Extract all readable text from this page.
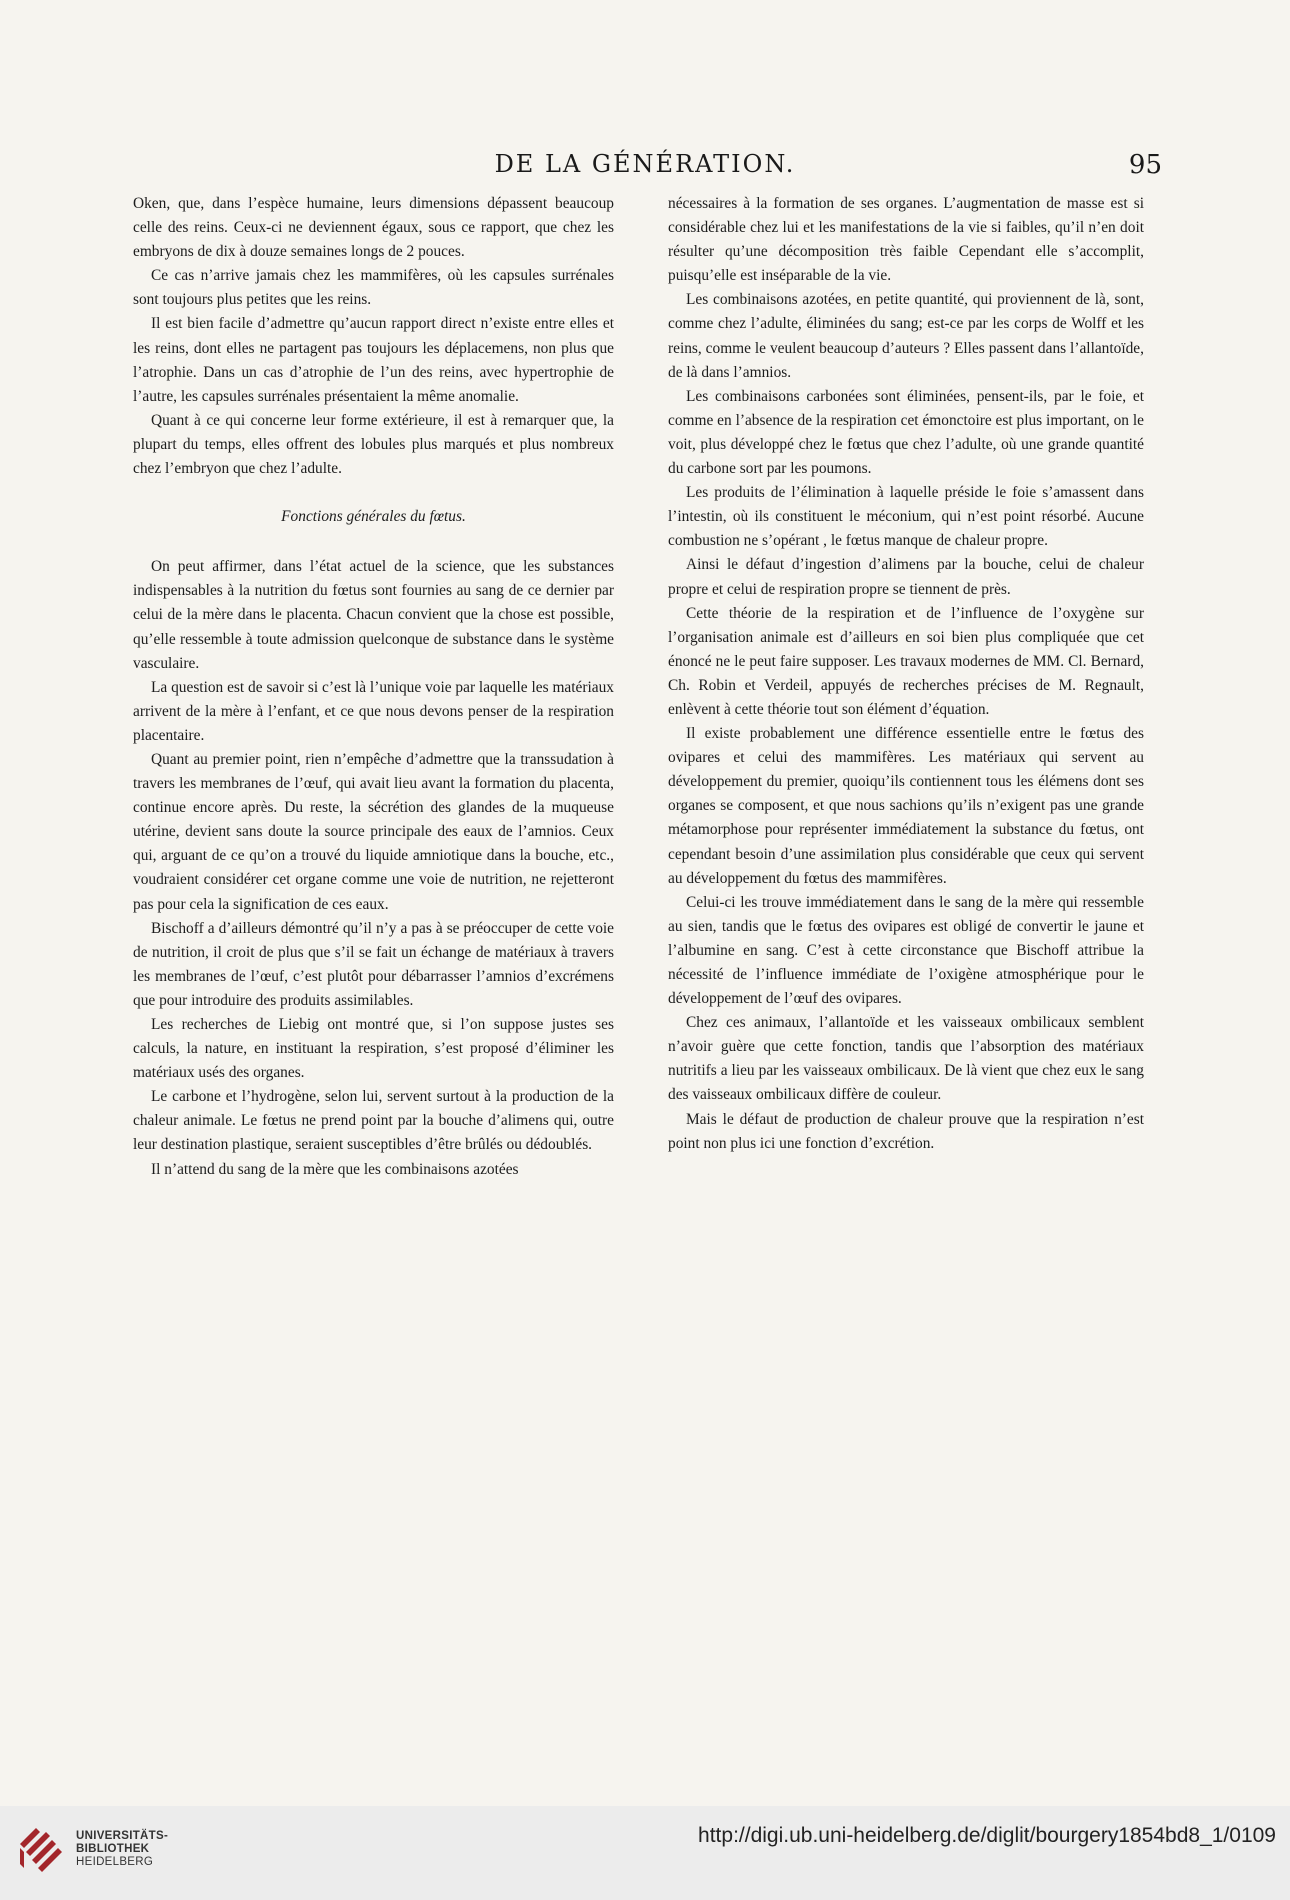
DE LA GÉNÉRATION.	95

Oken, que, dans l’espèce humaine, leurs dimensions dépassent beaucoup celle des reins. Ceux-ci ne deviennent égaux, sous ce rapport, que chez les embryons de dix à douze semaines longs de 2 pouces.

Ce cas n’arrive jamais chez les mammifères, où les capsules surrénales sont toujours plus petites que les reins.

Il est bien facile d’admettre qu’aucun rapport direct n’existe entre elles et les reins, dont elles ne partagent pas toujours les déplacemens, non plus que l’atrophie. Dans un cas d’atrophie de l’un des reins, avec hypertrophie de l’autre, les capsules surrénales présentaient la même anomalie.

Quant à ce qui concerne leur forme extérieure, il est à remarquer que, la plupart du temps, elles offrent des lobules plus marqués et plus nombreux chez l’embryon que chez l’adulte.

Fonctions générales du fœtus.

On peut affirmer, dans l’état actuel de la science, que les substances indispensables à la nutrition du fœtus sont fournies au sang de ce dernier par celui de la mère dans le placenta. Chacun convient que la chose est possible, qu’elle ressemble à toute admission quelconque de substance dans le système vasculaire.

La question est de savoir si c’est là l’unique voie par laquelle les matériaux arrivent de la mère à l’enfant, et ce que nous devons penser de la respiration placentaire.

Quant au premier point, rien n’empêche d’admettre que la transsudation à travers les membranes de l’œuf, qui avait lieu avant la formation du placenta, continue encore après. Du reste, la sécrétion des glandes de la muqueuse utérine, devient sans doute la source principale des eaux de l’amnios. Ceux qui, arguant de ce qu’on a trouvé du liquide amniotique dans la bouche, etc., voudraient considérer cet organe comme une voie de nutrition, ne rejetteront pas pour cela la signification de ces eaux.

Bischoff a d’ailleurs démontré qu’il n’y a pas à se préoccuper de cette voie de nutrition, il croit de plus que s’il se fait un échange de matériaux à travers les membranes de l’œuf, c’est plutôt pour débarrasser l’amnios d’excrémens que pour introduire des produits assimilables.

Les recherches de Liebig ont montré que, si l’on suppose justes ses calculs, la nature, en instituant la respiration, s’est proposé d’éliminer les matériaux usés des organes.

Le carbone et l’hydrogène, selon lui, servent surtout à la production de la chaleur animale. Le fœtus ne prend point par la bouche d’alimens qui, outre leur destination plastique, seraient susceptibles d’être brûlés ou dédoublés.

Il n’attend du sang de la mère que les combinaisons azotées

nécessaires à la formation de ses organes. L’augmentation de masse est si considérable chez lui et les manifestations de la vie si faibles, qu’il n’en doit résulter qu’une décomposition très faible Cependant elle s’accomplit, puisqu’elle est inséparable de la vie.

Les combinaisons azotées, en petite quantité, qui proviennent de là, sont, comme chez l’adulte, éliminées du sang; est-ce par les corps de Wolff et les reins, comme le veulent beaucoup d’auteurs ? Elles passent dans l’allantoïde, de là dans l’amnios.

Les combinaisons carbonées sont éliminées, pensent-ils, par le foie, et comme en l’absence de la respiration cet émonctoire est plus important, on le voit, plus développé chez le fœtus que chez l’adulte, où une grande quantité du carbone sort par les poumons.

Les produits de l’élimination à laquelle préside le foie s’amassent dans l’intestin, où ils constituent le méconium, qui n’est point résorbé. Aucune combustion ne s’opérant , le fœtus manque de chaleur propre.

Ainsi le défaut d’ingestion d’alimens par la bouche, celui de chaleur propre et celui de respiration propre se tiennent de près.

Cette théorie de la respiration et de l’influence de l’oxygène sur l’organisation animale est d’ailleurs en soi bien plus compliquée que cet énoncé ne le peut faire supposer. Les travaux modernes de MM. Cl. Bernard, Ch. Robin et Verdeil, appuyés de recherches précises de M. Regnault, enlèvent à cette théorie tout son élément d’équation.

Il existe probablement une différence essentielle entre le fœtus des ovipares et celui des mammifères. Les matériaux qui servent au développement du premier, quoiqu’ils contiennent tous les élémens dont ses organes se composent, et que nous sachions qu’ils n’exigent pas une grande métamorphose pour représenter immédiatement la substance du fœtus, ont cependant besoin d’une assimilation plus considérable que ceux qui servent au développement du fœtus des mammifères.

Celui-ci les trouve immédiatement dans le sang de la mère qui ressemble au sien, tandis que le fœtus des ovipares est obligé de convertir le jaune et l’albumine en sang. C’est à cette circonstance que Bischoff attribue la nécessité de l’influence immédiate de l’oxigène atmosphérique pour le développement de l’œuf des ovipares.

Chez ces animaux, l’allantoïde et les vaisseaux ombilicaux semblent n’avoir guère que cette fonction, tandis que l’absorption des matériaux nutritifs a lieu par les vaisseaux ombilicaux. De là vient que chez eux le sang des vaisseaux ombilicaux diffère de couleur.

Mais le défaut de production de chaleur prouve que la respiration n’est point non plus ici une fonction d’excrétion.

UNIVERSITÄTS-
BIBLIOTHEK
HEIDELBERG
http://digi.ub.uni-heidelberg.de/diglit/bourgery1854bd8_1/0109
